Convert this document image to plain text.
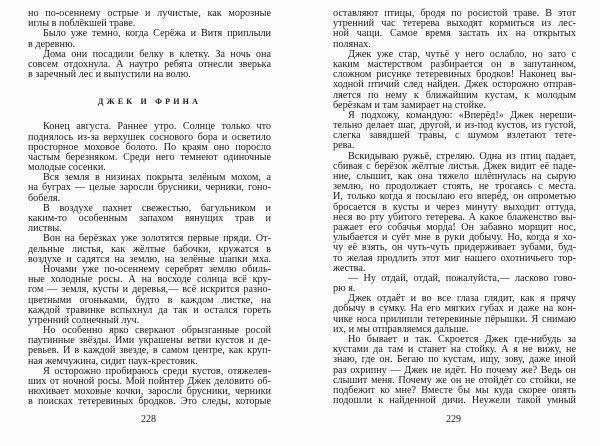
но по-осеннему острые и лучистые, как морозные
иглы в поблёкшей траве.
Было уже темно, когда Серёжа и Витя приплыли
в деревню.
Дома они посадили белку в клетку. За ночь она
совсем отдохнула. А наутро ребята отнесли зверька
в заречный лес и выпустили на волю.
ДЖЕК И ФРИНА
Конец августа. Раннее утро. Солнце только что
поднялось из-за верхушек соснового бора и осветило
просторное моховое болото. По краям оно поросло
частым березняком. Среди него темнеют одиночные
молодые сосенки.
Вся земля в низинах покрыта зелёным мохом, а
на буграх — целые заросли брусники, черники, гоно-
бобеля.
В воздухе пахнет свежестью, багульником и
каким-то особенным запахом вянущих трав и
листвы.
Вон на берёзках уже золотятся первые пряди. От-
дельные листья, как жёлтые бабочки, кружатся в
воздухе и садятся на землю, на зелёные шапки мха.
Ночами уже по-осеннему серебрят землю обиль-
ные холодные росы. А на восходе солнца всё кру-
гом — земля, кусты и деревья,— всё искрится разно-
цветными огоньками, будто в каждом листке, на
каждой травинке вспыхнул да так и остался гореть
утренний солнечный луч.
Но особенно ярко сверкают обрызганные росой
паутинные звёзды. Ими украшены ветви кустов и де-
ревьев. И в каждой звезде, в самом центре, как круп-
ная жемчужина, сидит паук-крестовик.
Я осторожно пробираюсь среди кустов, отяжелев-
ших от ночной росы. Мой пойнтер Джек деловито об-
нюхивает моховые кочки, заросли брусники, черники
в поисках тетеревиных бродков. Это следы, которые
оставляют птицы, бродя по росистой траве. В этот
утренний час тетерева выходят кормиться из лес-
ной чащи. Самое время застать их на открытых
полянах.
Джек уже стар, чутьё у него ослабло, но зато с
каким мастерством разбирается он в запутанном,
сложном рисунке тетеревиных бродков! Наконец вы-
ходной птичий след найден. Джек осторожно отправ-
ляется по нему к ближайшим кустам, к молодым
берёзкам и там замирает на стойке.
Я подхожу, командую: «Вперёд!» Джек нереши-
тельно делает шаг, другой, и из-под кустов, из густой,
слегка завядшей травы, с шумом взлетают тете-
рева.
Вскидываю ружьё, стреляю. Одна из птиц падает,
сбивая с берёзок жёлтые листья. Джек видит её паде-
ние, слышит, как она тяжело шлёпнулась на сырую
землю, но продолжает стоять, не трогаясь с места.
И, только когда я посылаю его вперёд, он опрометью
бросается в кусты и через минуту выходит оттуда,
неся во рту убитого тетерева. А какое блаженство вы-
ражает его собачья морда! Он забавно морщит нос,
улыбается и суёт мне в руки добычу. Но, когда я хо-
чу её взять, он чуть-чуть придерживает зубами, буд-
то желая продлить этот миг нашего охотничьего тор-
жества.
— Ну отдай, отдай, пожалуйста,— ласково гово-
рю я.
Джек отдаёт и во все глаза глядит, как я прячу
добычу в сумку. На его мягких губах и даже на кон-
чике носа прилипли тетеревиные пёрышки. Я снимаю
их, и мы отправляемся дальше.
Но бывает и так. Скроется Джек где-нибудь за
кустами да там и станет на стойку. А я не вижу, не
знаю, где он. Бегаю по кустам, ищу, зову, даже иной
раз охрипну — Джек не идёт. Но почему же? Ведь он
слышит меня. Почему же он не отойдёт со стойки, не
подбежит ко мне? Вместе бы мы куда скорее опять
подошли к найденной дичи. Неужели такой умный
228	229
